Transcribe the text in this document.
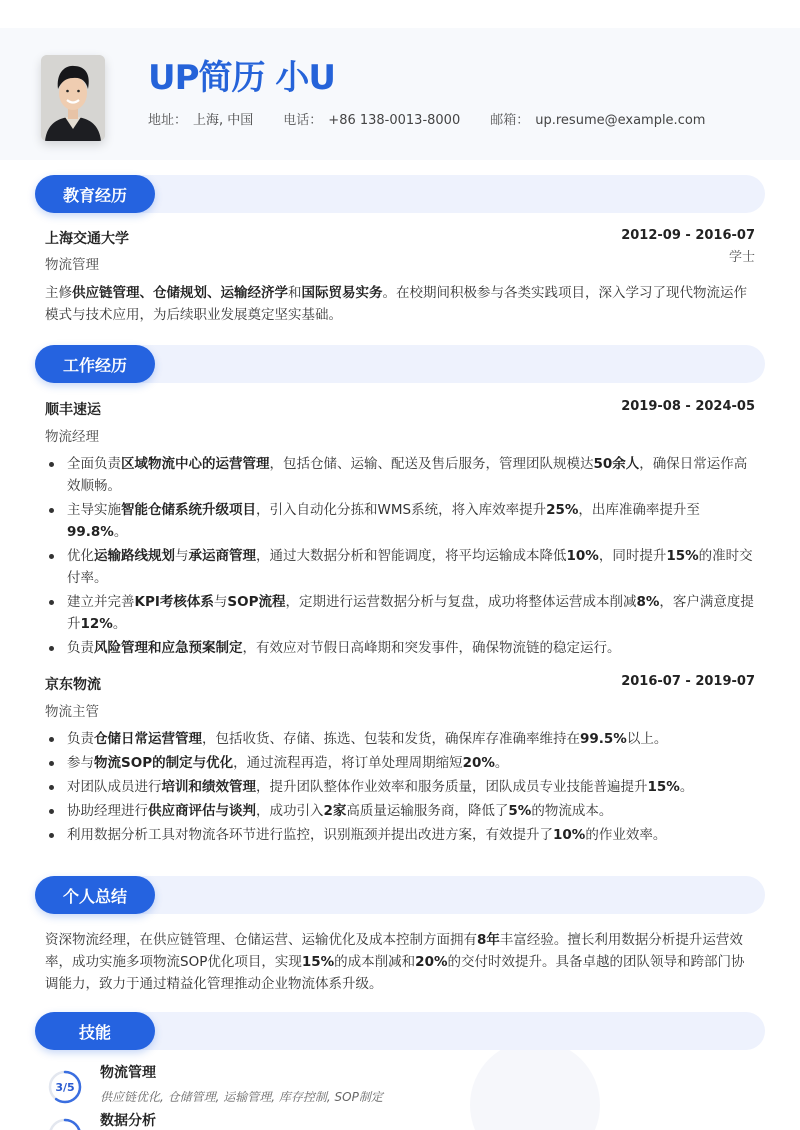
UP简历 小U
地址： 上海, 中国 电话： +86 138-0013-8000 邮箱： up.resume@example.com
教育经历
上海交通大学	2012-09 - 2016-07
物流管理	学士

主修供应链管理、仓储规划、运输经济学和国际贸易实务。在校期间积极参与各类实践项目，深入学习了现代物流运作模式与技术应用，为后续职业发展奠定坚实基础。

工作经历
顺丰速运	2019-08 - 2024-05
物流经理
全面负责区域物流中心的运营管理，包括仓储、运输、配送及售后服务，管理团队规模达50余人，确保日常运作高效顺畅。
主导实施智能仓储系统升级项目，引入自动化分拣和WMS系统，将入库效率提升25%，出库准确率提升至99.8%。
优化运输路线规划与承运商管理，通过大数据分析和智能调度，将平均运输成本降低10%，同时提升15%的准时交付率。
建立并完善KPI考核体系与SOP流程，定期进行运营数据分析与复盘，成功将整体运营成本削减8%，客户满意度提升12%。
负责风险管理和应急预案制定，有效应对节假日高峰期和突发事件，确保物流链的稳定运行。
京东物流	2016-07 - 2019-07
物流主管
负责仓储日常运营管理，包括收货、存储、拣选、包装和发货，确保库存准确率维持在99.5%以上。
参与物流SOP的制定与优化，通过流程再造，将订单处理周期缩短20%。
对团队成员进行培训和绩效管理，提升团队整体作业效率和服务质量，团队成员专业技能普遍提升15%。
协助经理进行供应商评估与谈判，成功引入2家高质量运输服务商，降低了5%的物流成本。
利用数据分析工具对物流各环节进行监控，识别瓶颈并提出改进方案，有效提升了10%的作业效率。
个人总结

资深物流经理，在供应链管理、仓储运营、运输优化及成本控制方面拥有8年丰富经验。擅长利用数据分析提升运营效率，成功实施多项物流SOP优化项目，实现15%的成本削减和20%的交付时效提升。具备卓越的团队领导和跨部门协调能力，致力于通过精益化管理推动企业物流体系升级。

技能
3/5
物流管理
供应链优化, 仓储管理, 运输管理, 库存控制, SOP制定
数据分析
